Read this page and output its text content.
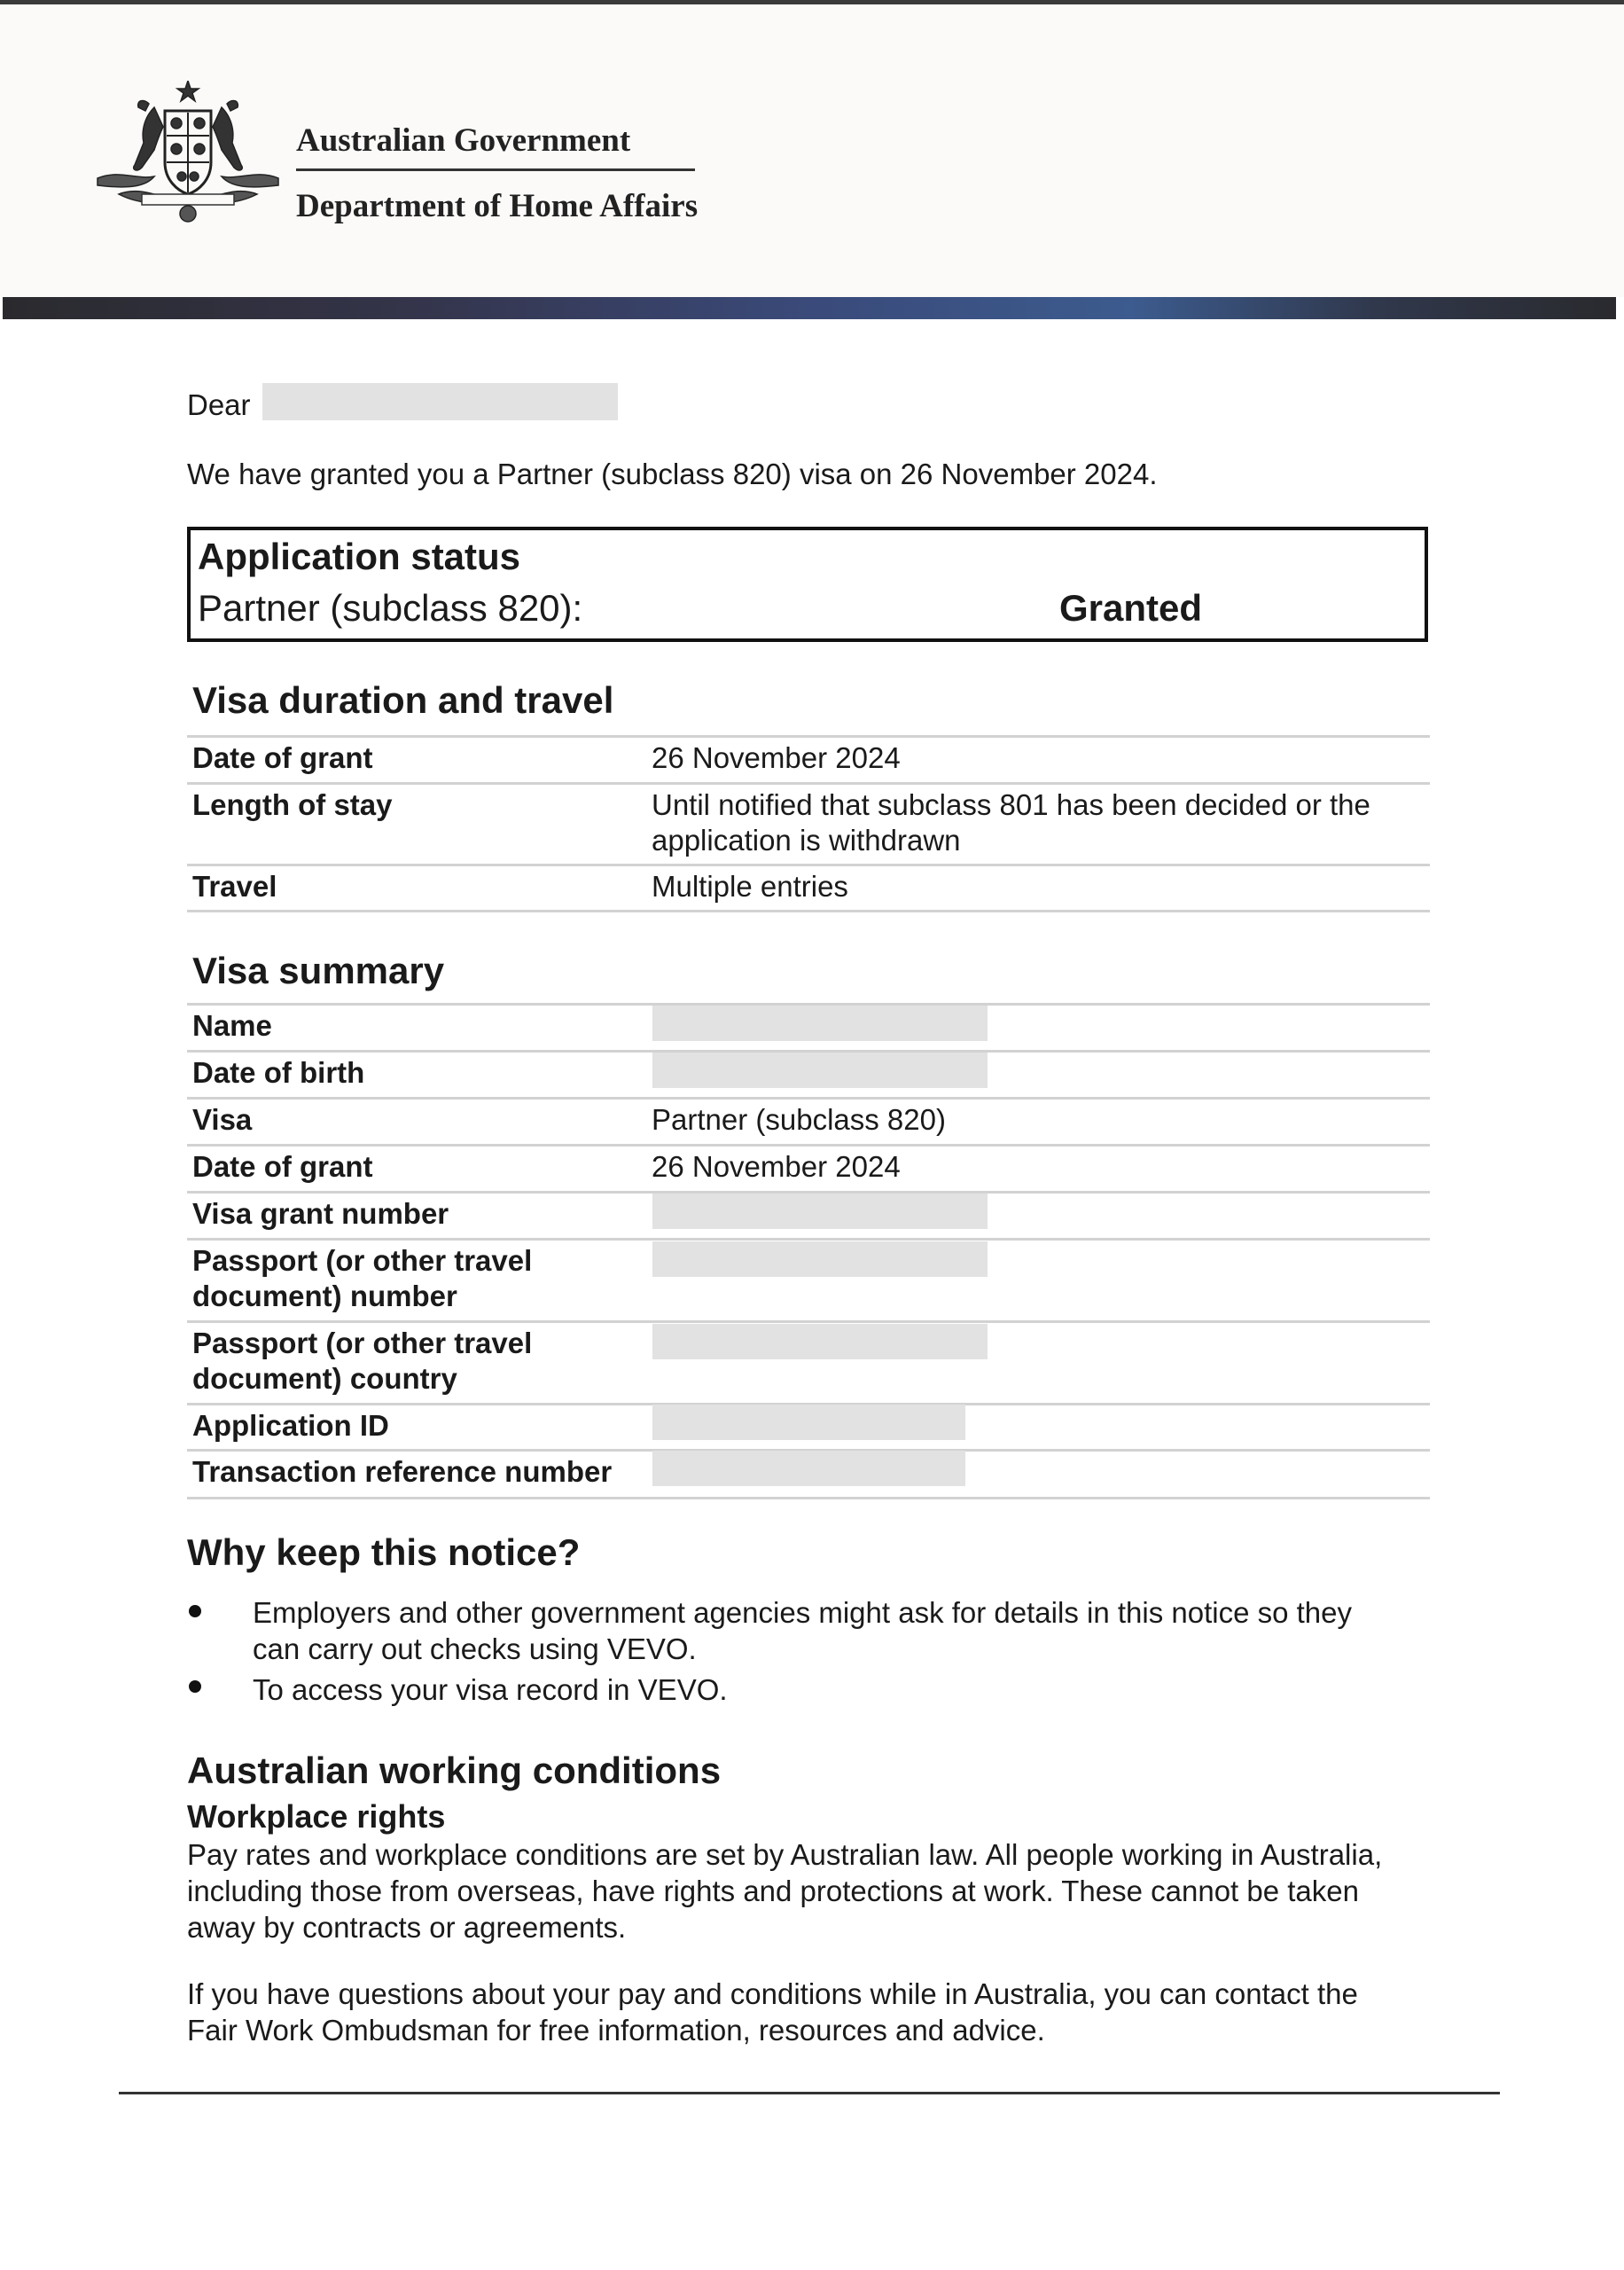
Australian Government
Department of Home Affairs
Dear
We have granted you a Partner (subclass 820) visa on 26 November 2024.
Application status
Partner (subclass 820):	Granted
Visa duration and travel
Date of grant	26 November 2024
Length of stay	Until notified that subclass 801 has been decided or the
application is withdrawn
Travel	Multiple entries
Visa summary
Name
Date of birth
Visa	Partner (subclass 820)
Date of grant	26 November 2024
Visa grant number
Passport (or other travel
document) number
Passport (or other travel
document) country
Application ID
Transaction reference number
Why keep this notice?
Employers and other government agencies might ask for details in this notice so they
can carry out checks using VEVO.
To access your visa record in VEVO.
Australian working conditions
Workplace rights
Pay rates and workplace conditions are set by Australian law. All people working in Australia,
including those from overseas, have rights and protections at work. These cannot be taken
away by contracts or agreements.
If you have questions about your pay and conditions while in Australia, you can contact the
Fair Work Ombudsman for free information, resources and advice.
